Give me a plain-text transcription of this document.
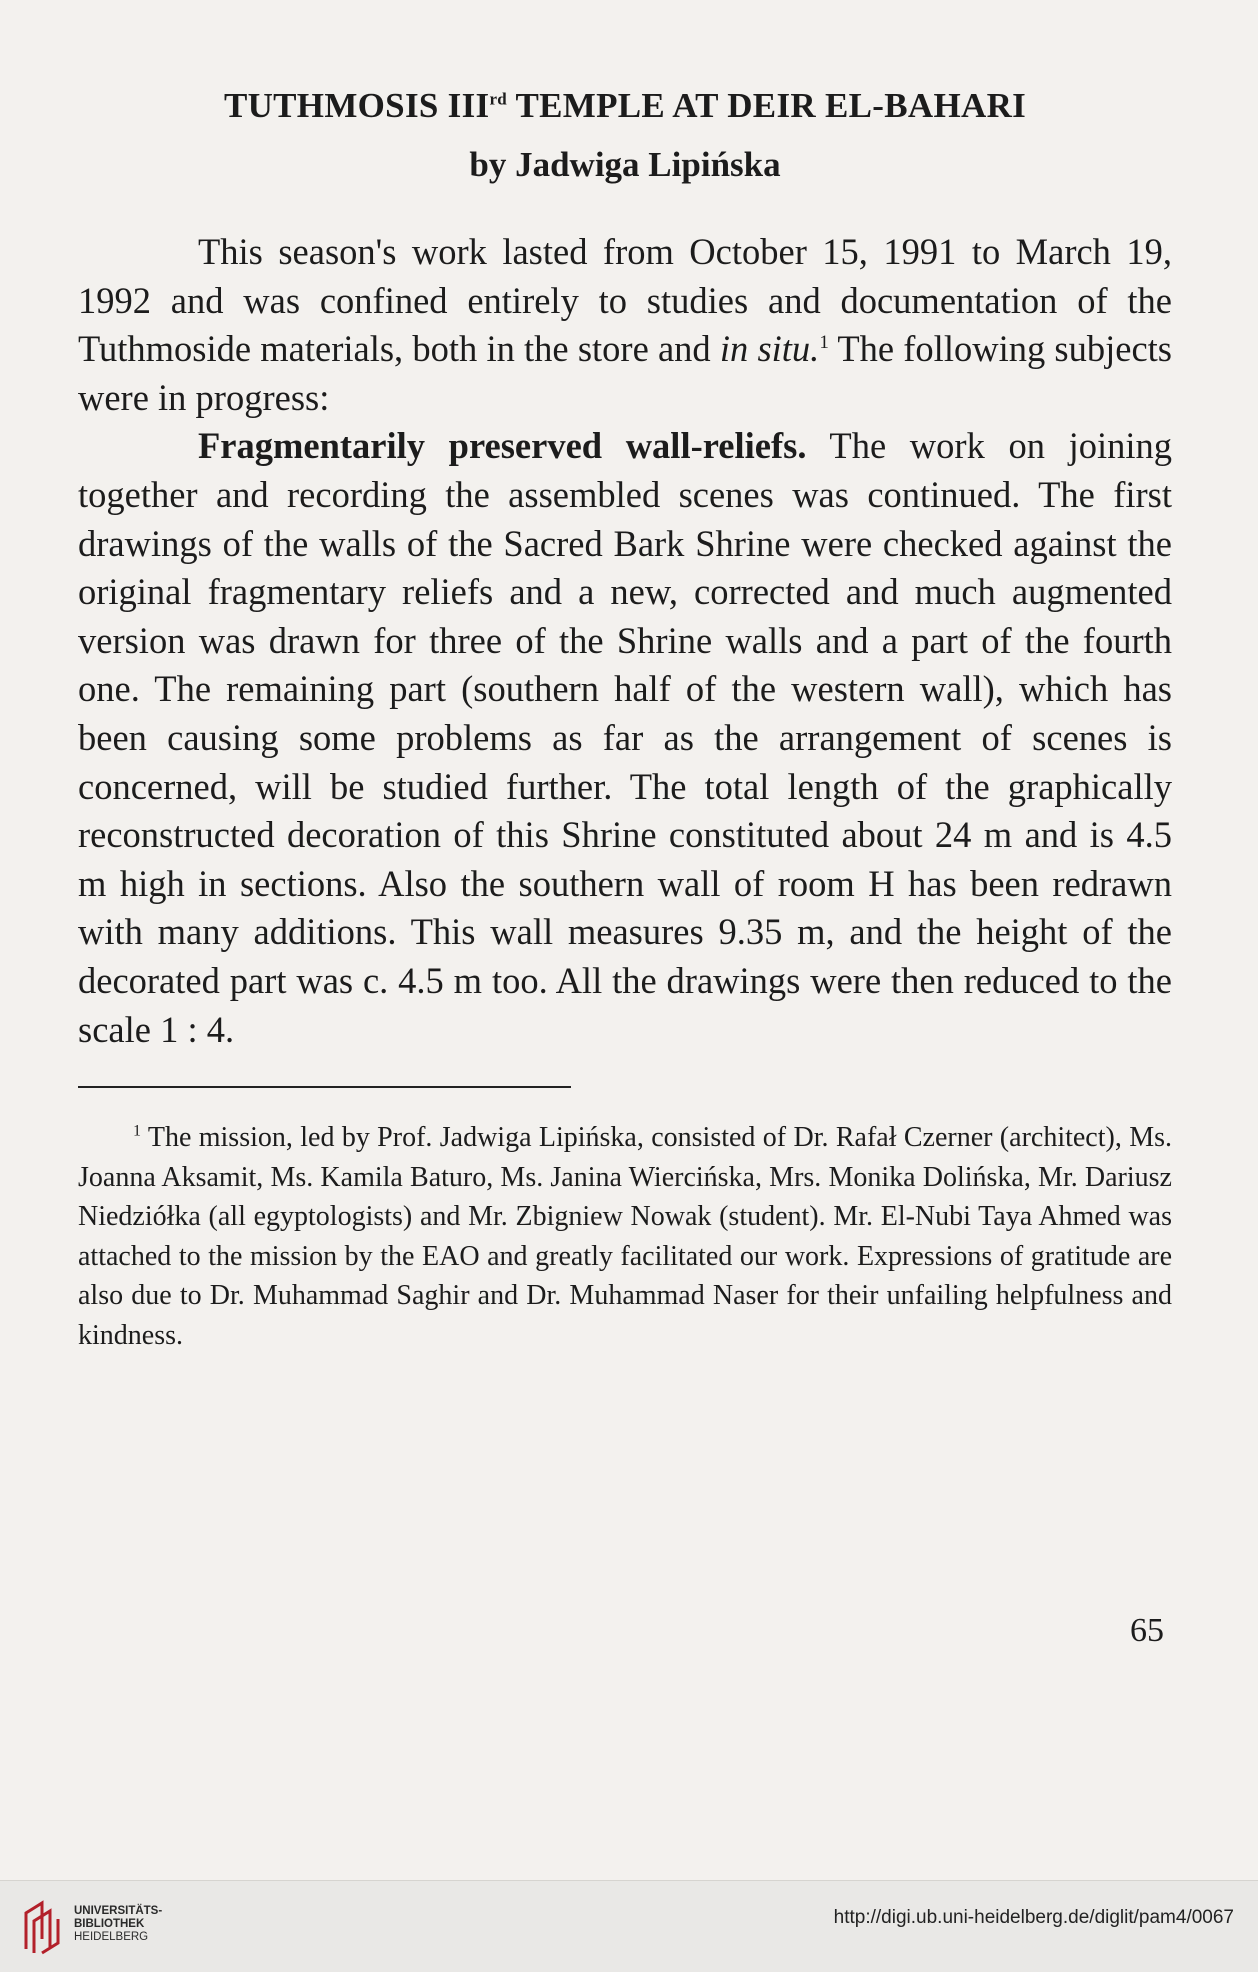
TUTHMOSIS IIIrd TEMPLE AT DEIR EL-BAHARI
by Jadwiga Lipińska

This season's work lasted from October 15, 1991 to March 19, 1992 and was confined entirely to studies and documentation of the Tuthmoside materials, both in the store and in situ.$^1$ The following subjects were in progress:

Fragmentarily preserved wall-reliefs. The work on joining together and recording the assembled scenes was continued. The first drawings of the walls of the Sacred Bark Shrine were checked against the original fragmentary reliefs and a new, corrected and much augmented version was drawn for three of the Shrine walls and a part of the fourth one. The remaining part (southern half of the western wall), which has been causing some problems as far as the arrangement of scenes is concerned, will be studied further. The total length of the graphically reconstructed decoration of this Shrine constituted about 24 m and is 4.5 m high in sections. Also the southern wall of room H has been redrawn with many additions. This wall measures 9.35 m, and the height of the decorated part was c. 4.5 m too. All the drawings were then reduced to the scale 1 : 4.

$^1$ The mission, led by Prof. Jadwiga Lipińska, consisted of Dr. Rafał Czerner (architect), Ms. Joanna Aksamit, Ms. Kamila Baturo, Ms. Janina Wiercińska, Mrs. Monika Dolińska, Mr. Dariusz Niedziółka (all egyptologists) and Mr. Zbigniew Nowak (student). Mr. El-Nubi Taya Ahmed was attached to the mission by the EAO and greatly facilitated our work. Expressions of gratitude are also due to Dr. Muhammad Saghir and Dr. Muhammad Naser for their unfailing helpfulness and kindness.
65
UNIVERSITÄTS-
BIBLIOTHEK
HEIDELBERG
http://digi.ub.uni-heidelberg.de/diglit/pam4/0067
